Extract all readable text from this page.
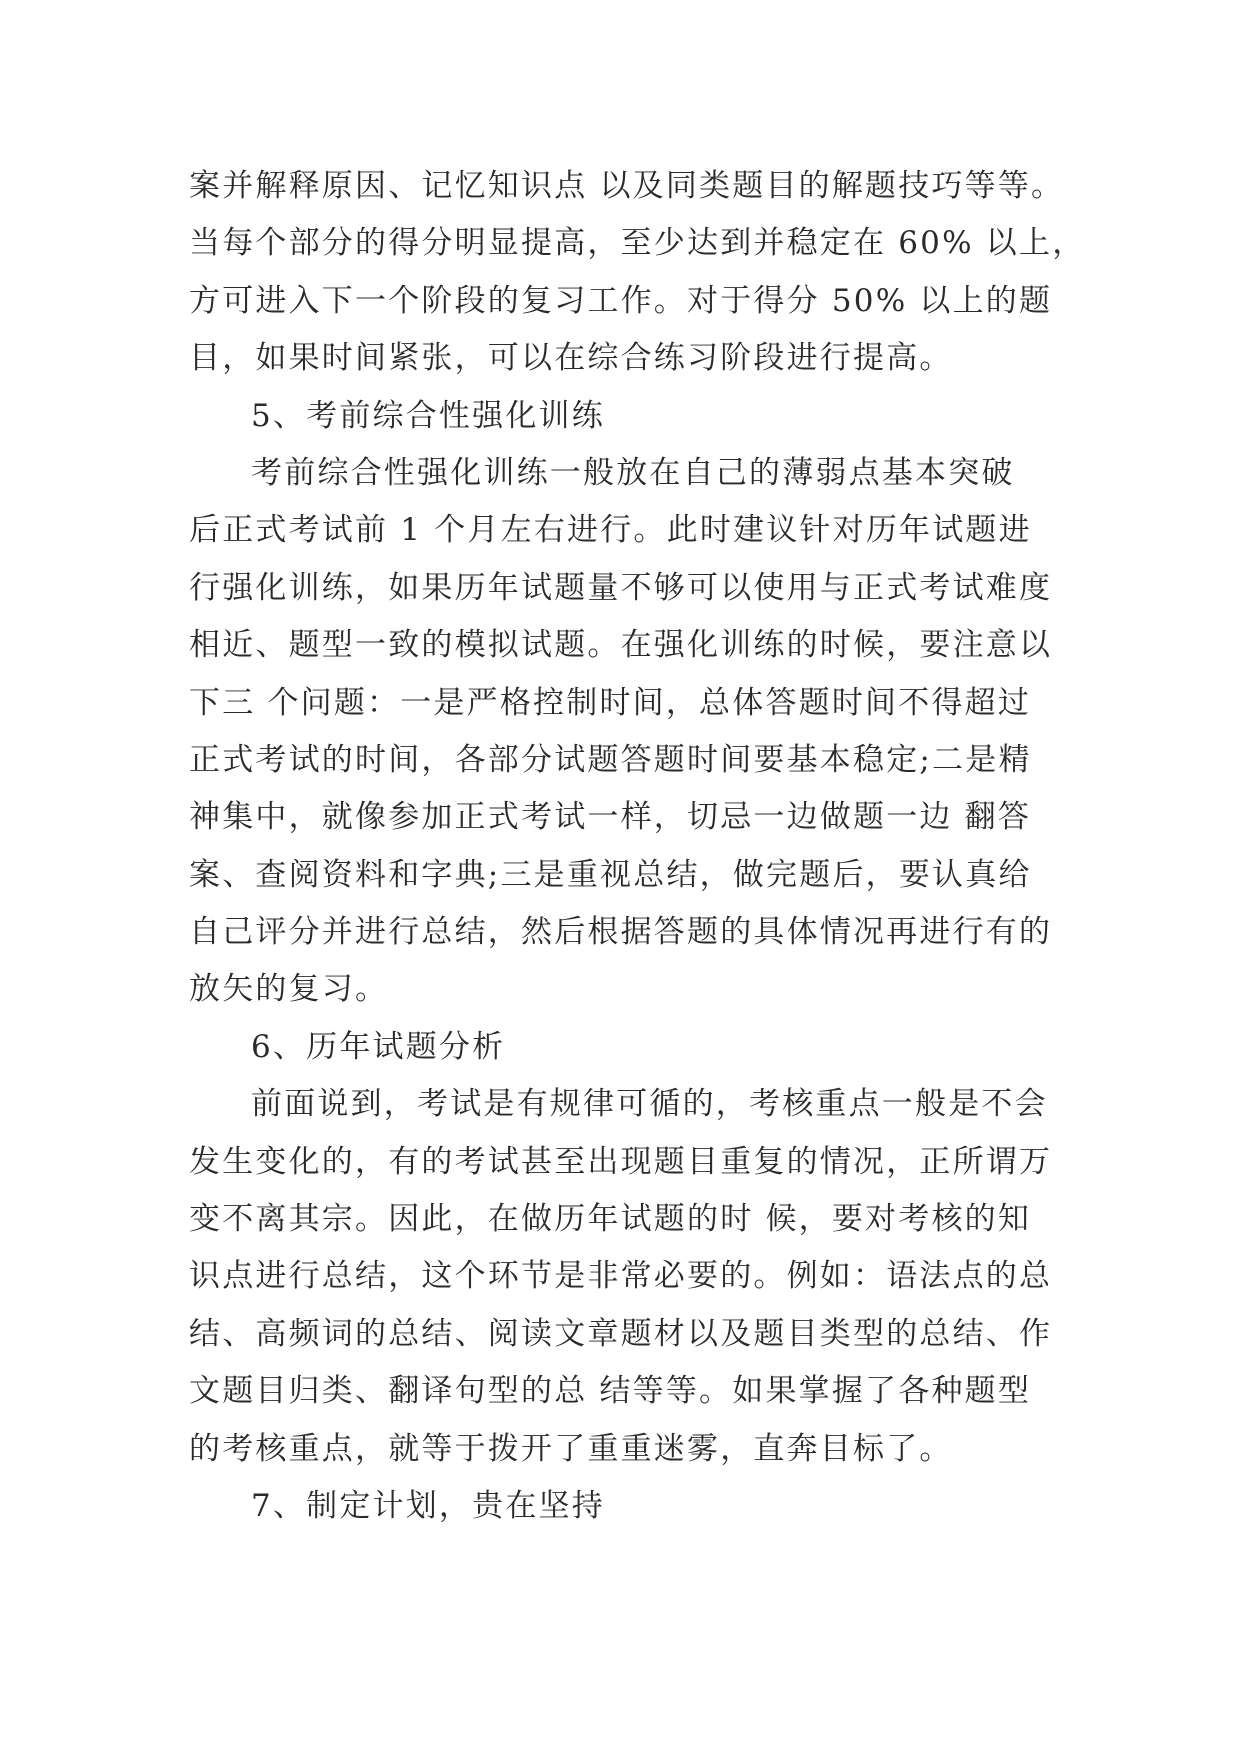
案并解释原因、记忆知识点 以及同类题目的解题技巧等等。
当每个部分的得分明显提高，至少达到并稳定在 60% 以上，
方可进入下一个阶段的复习工作。对于得分 50% 以上的题
目，如果时间紧张，可以在综合练习阶段进行提高。
5、考前综合性强化训练
考前综合性强化训练一般放在自己的薄弱点基本突破
后正式考试前 1 个月左右进行。此时建议针对历年试题进
行强化训练，如果历年试题量不够可以使用与正式考试难度
相近、题型一致的模拟试题。在强化训练的时候，要注意以
下三 个问题：一是严格控制时间，总体答题时间不得超过
正式考试的时间，各部分试题答题时间要基本稳定;二是精
神集中，就像参加正式考试一样，切忌一边做题一边 翻答
案、查阅资料和字典;三是重视总结，做完题后，要认真给
自己评分并进行总结，然后根据答题的具体情况再进行有的
放矢的复习。
6、历年试题分析
前面说到，考试是有规律可循的，考核重点一般是不会
发生变化的，有的考试甚至出现题目重复的情况，正所谓万
变不离其宗。因此，在做历年试题的时 候，要对考核的知
识点进行总结，这个环节是非常必要的。例如：语法点的总
结、高频词的总结、阅读文章题材以及题目类型的总结、作
文题目归类、翻译句型的总 结等等。如果掌握了各种题型
的考核重点，就等于拨开了重重迷雾，直奔目标了。
7、制定计划，贵在坚持
